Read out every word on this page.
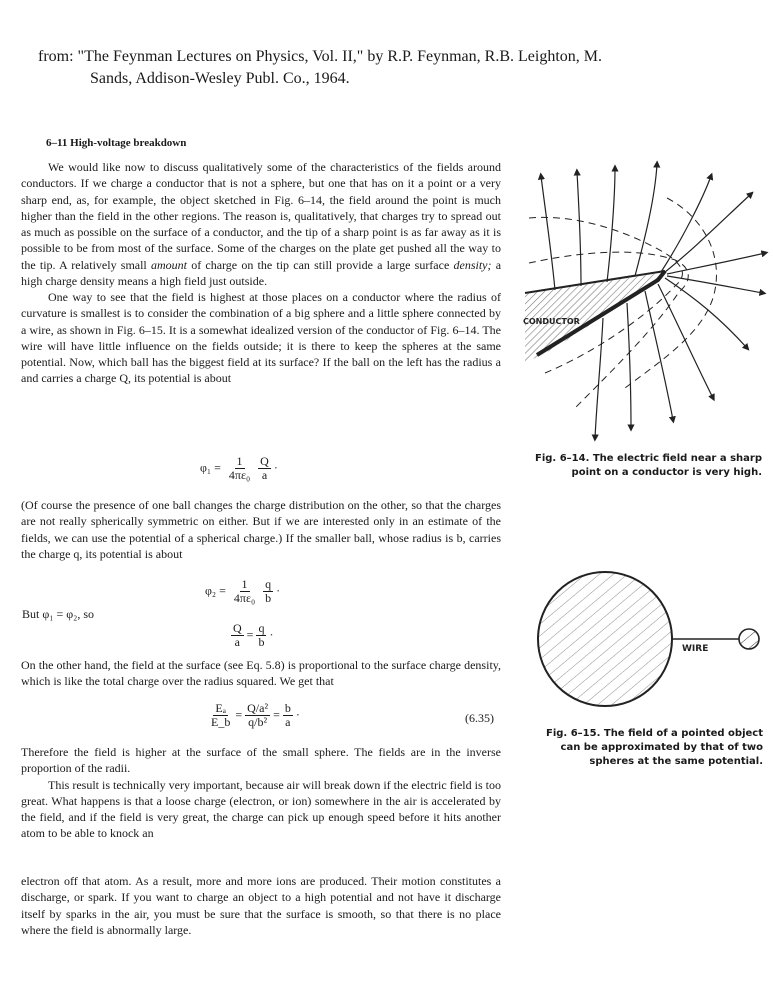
from: "The Feynman Lectures on Physics, Vol. II," by R.P. Feynman, R.B. Leighton, M.
Sands, Addison-Wesley Publ. Co., 1964.
6–11 High-voltage breakdown

We would like now to discuss qualitatively some of the characteristics of the fields around conductors. If we charge a conductor that is not a sphere, but one that has on it a point or a very sharp end, as, for example, the object sketched in Fig. 6–14, the field around the point is much higher than the field in the other regions. The reason is, qualitatively, that charges try to spread out as much as possible on the surface of a conductor, and the tip of a sharp point is as far away as it is possible to be from most of the surface. Some of the charges on the plate get pushed all the way to the tip. A relatively small amount of charge on the tip can still provide a large surface density; a high charge density means a high field just outside.

One way to see that the field is highest at those places on a conductor where the radius of curvature is smallest is to consider the combination of a big sphere and a little sphere connected by a wire, as shown in Fig. 6–15. It is a somewhat idealized version of the conductor of Fig. 6–14. The wire will have little influence on the fields outside; it is there to keep the spheres at the same potential. Now, which ball has the biggest field at its surface? If the ball on the left has the radius a and carries a charge Q, its potential is about

$\varphi_1 = \frac{1}{\text{4πε₀}} \frac{Q}{a}$ ·

(Of course the presence of one ball changes the charge distribution on the other, so that the charges are not really spherically symmetric on either. But if we are interested only in an estimate of the fields, we can use the potential of a spherical charge.) If the smaller ball, whose radius is b, carries the charge q, its potential is about

$\varphi_2 = \frac{1}{\text{4πε₀}} \frac{q}{b}$ ·
But φ₁ = φ₂, so
$\frac{Q}{a} = \frac{q}{b}$ ·

On the other hand, the field at the surface (see Eq. 5.8) is proportional to the surface charge density, which is like the total charge over the radius squared. We get that

$\frac{\text{Eₐ}}{E\_b} = \frac{\text{Q/a²}}{\text{q/b²}} = \frac{b}{a}$ ·	(6.35)

Therefore the field is higher at the surface of the small sphere. The fields are in the inverse proportion of the radii.

This result is technically very important, because air will break down if the electric field is too great. What happens is that a loose charge (electron, or ion) somewhere in the air is accelerated by the field, and if the field is very great, the charge can pick up enough speed before it hits another atom to be able to knock an

electron off that atom. As a result, more and more ions are produced. Their motion constitutes a discharge, or spark. If you want to charge an object to a high potential and not have it discharge itself by sparks in the air, you must be sure that the surface is smooth, so that there is no place where the field is abnormally large.

CONDUCTOR
Fig. 6–14. The electric field near a sharp point on a conductor is very high.
WIRE
Fig. 6–15. The field of a pointed object can be approximated by that of two spheres at the same potential.
